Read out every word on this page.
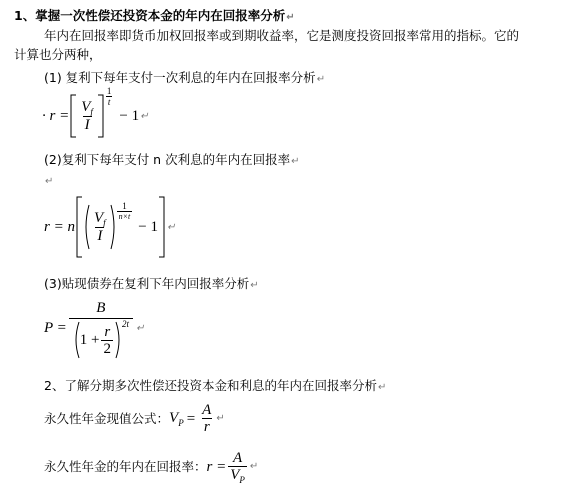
1、掌握一次性偿还投资本金的年内在回报率分析↵
年内在回报率即货币加权回报率或到期收益率，它是测度投资回报率常用的指标。它的
计算也分两种，
(1) 复利下每年支付一次利息的年内在回报率分析↵
· $r = \frac{V_f}{I}$
$\frac{1}{t}$
− 1 ↵
(2)复利下每年支付 n 次利息的年内在回报率↵
↵
r = n $\frac{V_f}{I} \frac{1}{n\times t}$
− 1 ↵
(3)贴现债券在复利下年内回报率分析↵
P =
B
$1 + \frac{r}{2} 2t$ ↵
2、了解分期多次性偿还投资本金和利息的年内在回报率分析↵
永久性年金现值公式： $V_P = \frac{A}{r}$ ↵
永久性年金的年内在回报率： $r = \frac{A}{V_P}$ ↵
